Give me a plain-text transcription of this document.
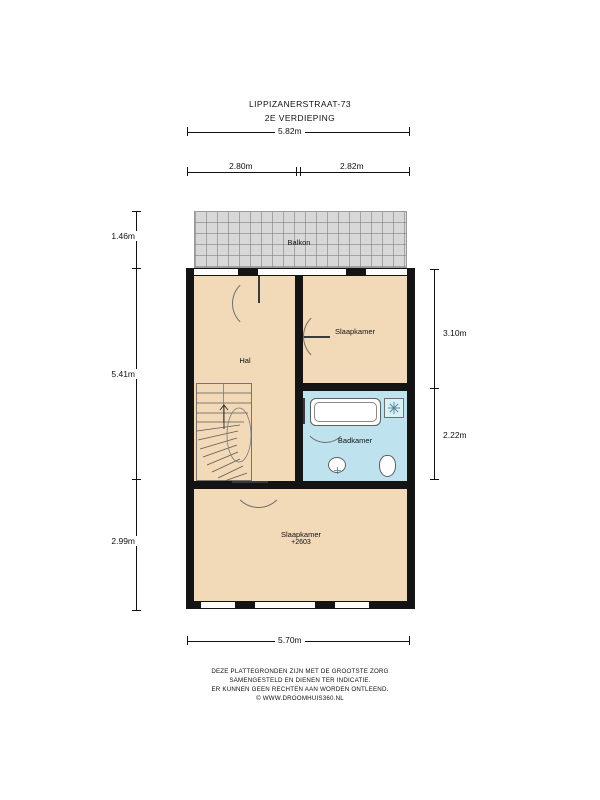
LIPPIZANERSTRAAT-73
2E VERDIEPING
5.82m
2.80m	2.82m
1.46m
5.41m
2.99m
3.10m
2.22m
5.70m
Balkon
Hal
Slaapkamer
Badkamer
Slaapkamer
+2603
DEZE PLATTEGRONDEN ZIJN MET DE GROOTSTE ZORG
SAMENGESTELD EN DIENEN TER INDICATIE.
ER KUNNEN GEEN RECHTEN AAN WORDEN ONTLEEND.
© WWW.DROOMHUIS360.NL
